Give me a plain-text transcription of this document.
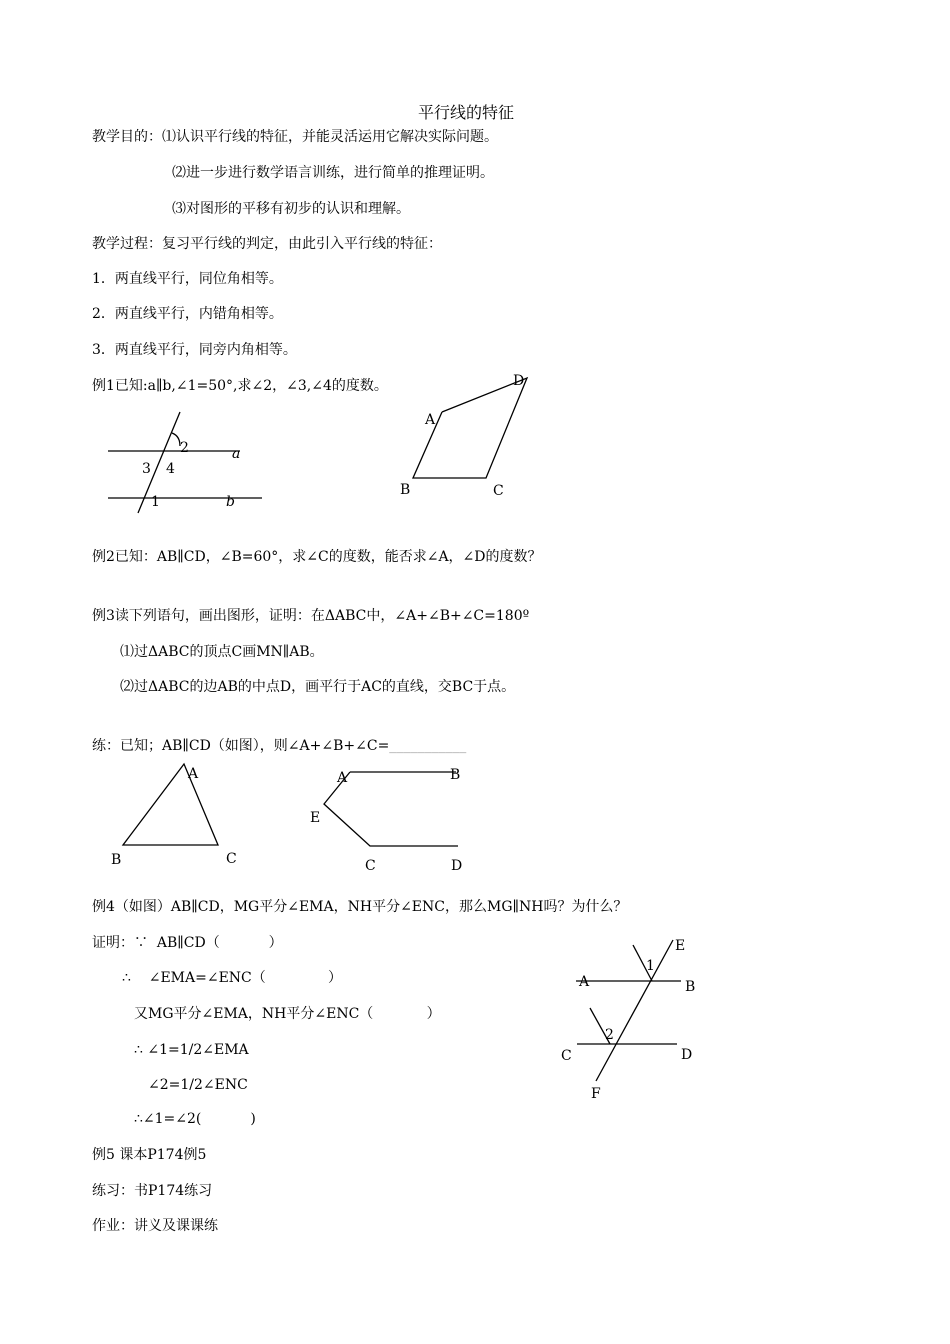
平行线的特征
教学目的：⑴认识平行线的特征，并能灵活运用它解决实际问题。
⑵进一步进行数学语言训练，进行简单的推理证明。
⑶对图形的平移有初步的认识和理解。
教学过程：复习平行线的判定，由此引入平行线的特征：
1．两直线平行，同位角相等。
2．两直线平行，内错角相等。
3．两直线平行，同旁内角相等。
例1已知:a∥b,∠1=50°,求∠2，∠3,∠4的度数。
2	a
3 4
1	b
D
A
B	C
例2已知：AB∥CD，∠B=60°，求∠C的度数，能否求∠A，∠D的度数？
例3读下列语句，画出图形，证明：在ΔABC中，∠A+∠B+∠C=180º
⑴过ΔABC的顶点C画MN∥AB。
⑵过ΔABC的边AB的中点D，画平行于AC的直线，交BC于点。
练：已知；AB∥CD（如图），则∠A+∠B+∠C=___________
A
B	C
A	B
E
C	D
例4（如图）AB∥CD，MG平分∠EMA，NH平分∠ENC，那么MG∥NH吗？为什么？
证明：∵  AB∥CD（           ）
∴    ∠EMA=∠ENC（              ）
又MG平分∠EMA，NH平分∠ENC（            ）
∴ ∠1=1/2∠EMA
∠2=1/2∠ENC
∴∠1=∠2(           )
E
1
A	B
2
C	D
F
例5 课本P174例5
练习：书P174练习
作业：讲义及课课练
